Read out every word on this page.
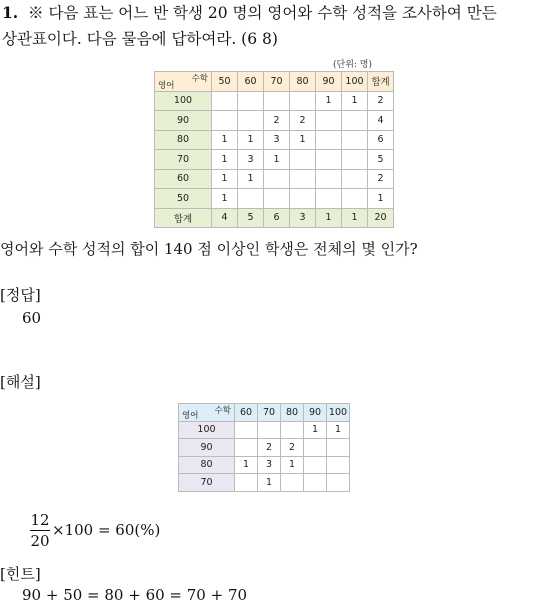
1. ※ 다음 표는 어느 반 학생 20 명의 영어와 수학 성적을 조사하여 만든
상관표이다. 다음 물음에 답하여라. (6 8)
(단위: 명)
수학
영어	50	60	70	80	90	100	합계
100					1	1	2
90			2	2			4
80	1	1	3	1			6
70	1	3	1				5
60	1	1					2
50	1						1
합계	4	5	6	3	1	1	20
영어와 수학 성적의 합이 140 점 이상인 학생은 전체의 몇 인가?
[정답]
60
[해설]
수학
영어	60	70	80	90	100
100				1	1
90		2	2		
80	1	3	1		
70		1			
12
20
×100 = 60(%)
[힌트]
90 + 50 = 80 + 60 = 70 + 70
